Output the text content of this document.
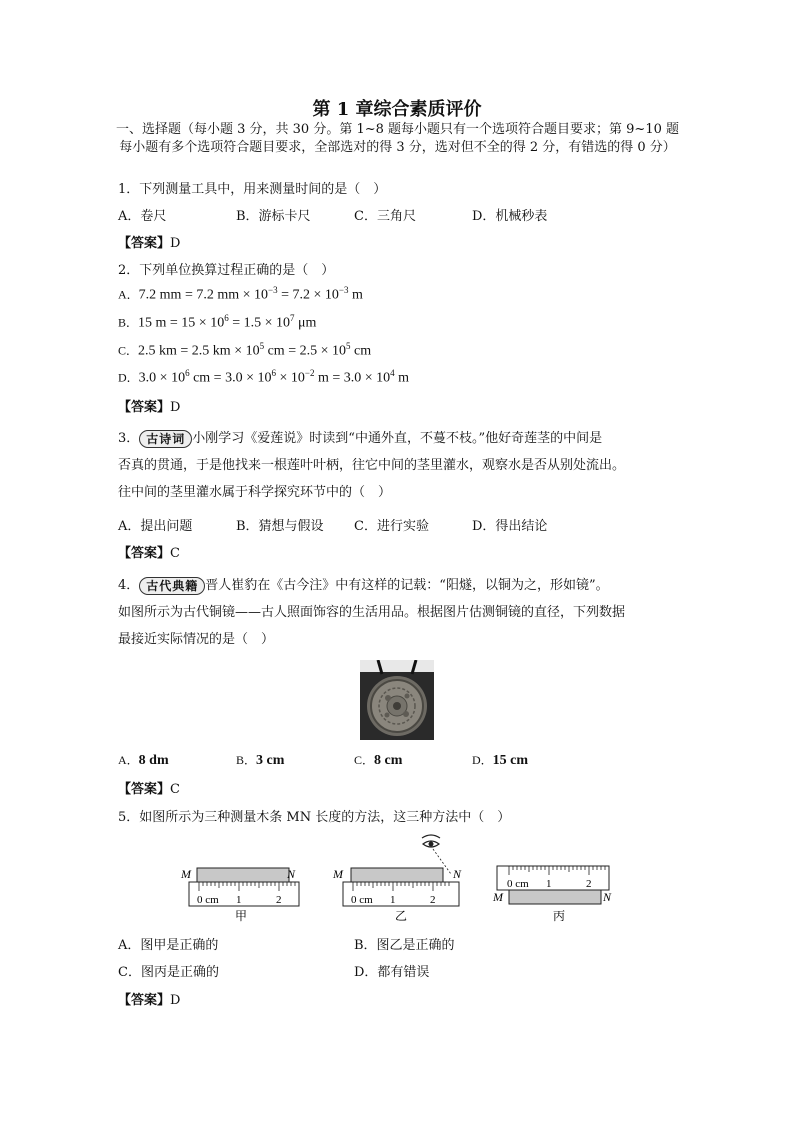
第 1 章综合素质评价
一、选择题（每小题 3 分，共 30 分。第 1~8 题每小题只有一个选项符合题目要求；第 9~10 题每小题有多个选项符合题目要求，全部选对的得 3 分，选对但不全的得 2 分，有错选的得 0 分）
1．下列测量工具中，用来测量时间的是（　）
A．卷尺	B．游标卡尺	C．三角尺	D．机械秒表
【答案】D
2．下列单位换算过程正确的是（　）
A．7.2 mm = 7.2 mm × $10^{-3} = 7.2 \times 10^{-3}$ m
B．15 $m = 15 \times 10^6 = 1.5 \times 10^7$ μm
C．2.5 km = 2.5 km × $10^5$ cm = $2.5 \times 10^5$ cm
D．$3.0 \times 10^6$ cm = $3.0 \times 10^6 \times 10^{-2}$ $m = 3.0 \times 10^4$ m
【答案】D
3． 古诗词 小刚学习《爱莲说》时读到“中通外直，不蔓不枝。”他好奇莲茎的中间是
否真的贯通，于是他找来一根莲叶叶柄，往它中间的茎里灌水，观察水是否从别处流出。
往中间的茎里灌水属于科学探究环节中的（　）
A．提出问题	B．猜想与假设 C．进行实验	D．得出结论
【答案】C
4． 古代典籍 晋人崔豹在《古今注》中有这样的记载：“阳燧，以铜为之，形如镜”。
如图所示为古代铜镜——古人照面饰容的生活用品。根据图片估测铜镜的直径，下列数据
最接近实际情况的是（　）
A．8 dm	B．3 cm	C．8 cm	D．15 cm
【答案】C
5．如图所示为三种测量木条 MN 长度的方法，这三种方法中（　）
M	N
0 cm 1	2
甲
M	N
0 cm 1	2
乙
0 cm 1	2
M	N
丙
A．图甲是正确的	B．图乙是正确的
C．图丙是正确的	D．都有错误
【答案】D
